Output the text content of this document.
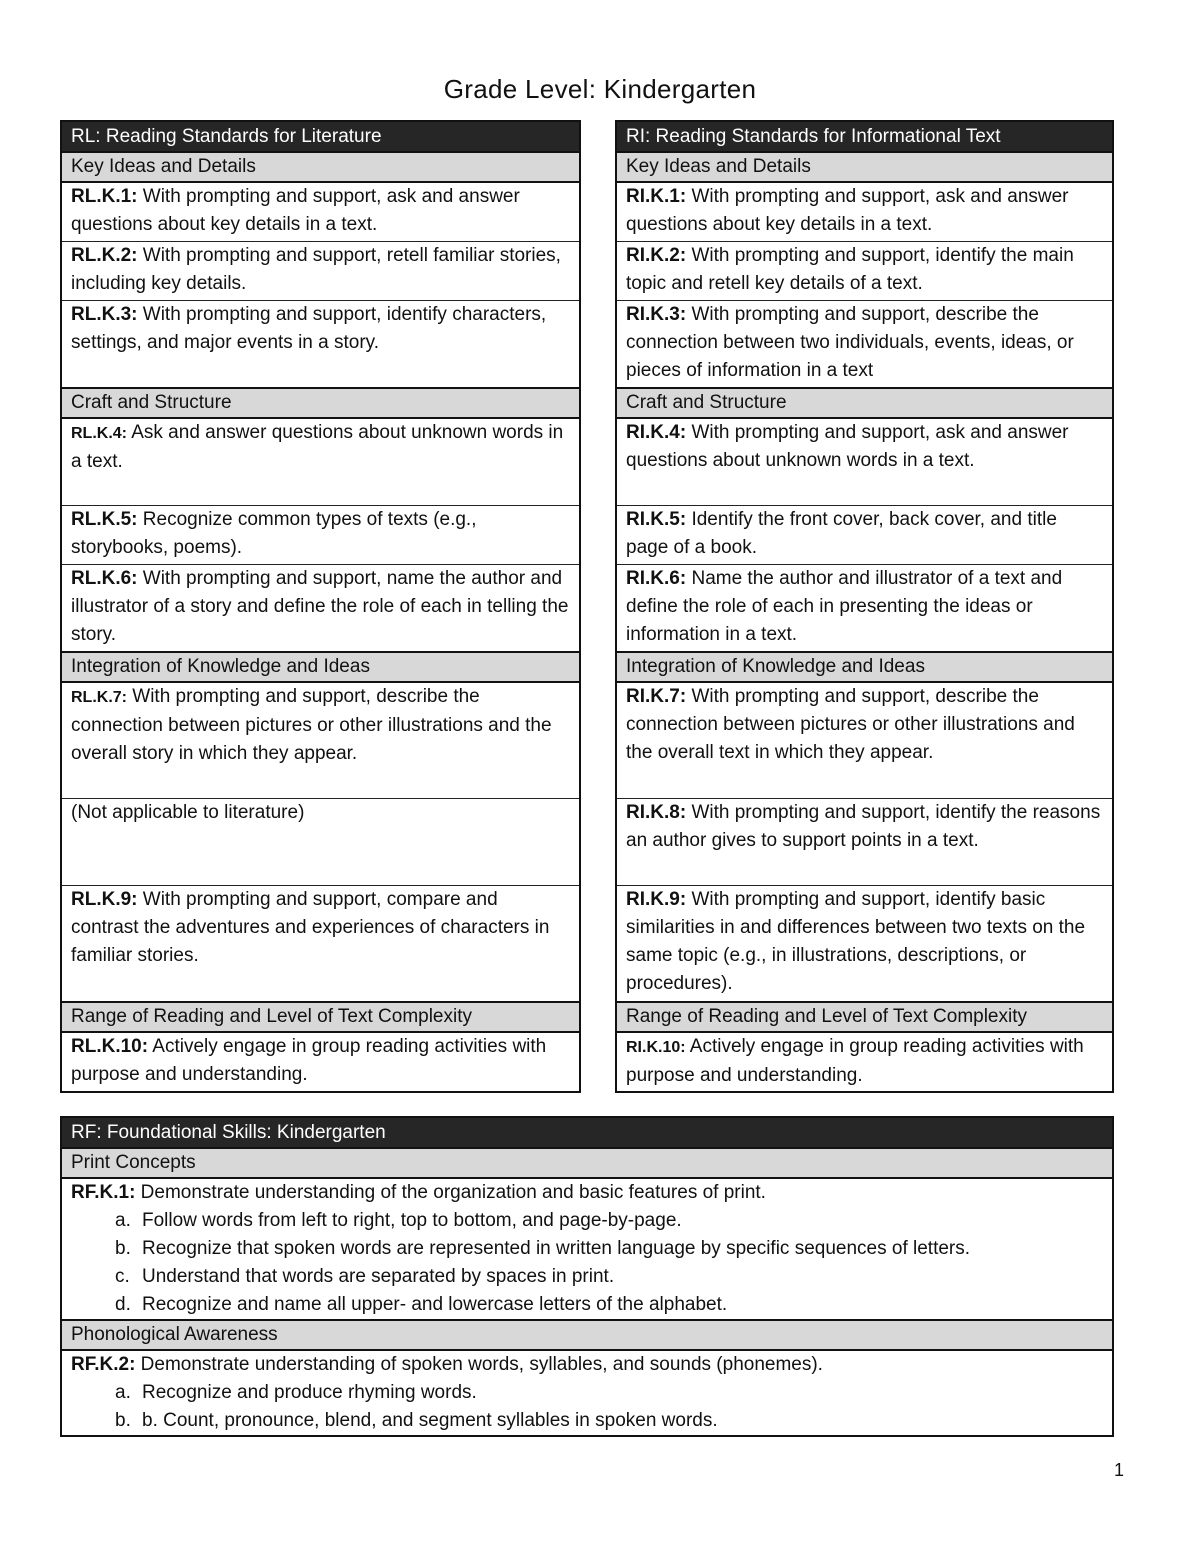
Grade Level: Kindergarten
RL: Reading Standards for Literature
Key Ideas and Details
RL.K.1: With prompting and support, ask and answer questions about key details in a text.
RL.K.2: With prompting and support, retell familiar stories, including key details.
RL.K.3: With prompting and support, identify characters, settings, and major events in a story.
Craft and Structure
RL.K.4: Ask and answer questions about unknown words in a text.
RL.K.5: Recognize common types of texts (e.g., storybooks, poems).
RL.K.6: With prompting and support, name the author and illustrator of a story and define the role of each in telling the story.
Integration of Knowledge and Ideas
RL.K.7: With prompting and support, describe the connection between pictures or other illustrations and the overall story in which they appear.
(Not applicable to literature)
RL.K.9: With prompting and support, compare and contrast the adventures and experiences of characters in familiar stories.
Range of Reading and Level of Text Complexity
RL.K.10: Actively engage in group reading activities with purpose and understanding.
RI: Reading Standards for Informational Text
Key Ideas and Details
RI.K.1: With prompting and support, ask and answer questions about key details in a text.
RI.K.2: With prompting and support, identify the main topic and retell key details of a text.
RI.K.3: With prompting and support, describe the connection between two individuals, events, ideas, or pieces of information in a text
Craft and Structure
RI.K.4: With prompting and support, ask and answer questions about unknown words in a text.
RI.K.5: Identify the front cover, back cover, and title page of a book.
RI.K.6: Name the author and illustrator of a text and define the role of each in presenting the ideas or information in a text.
Integration of Knowledge and Ideas
RI.K.7: With prompting and support, describe the connection between pictures or other illustrations and the overall text in which they appear.
RI.K.8: With prompting and support, identify the reasons an author gives to support points in a text.
RI.K.9: With prompting and support, identify basic similarities in and differences between two texts on the same topic (e.g., in illustrations, descriptions, or procedures).
Range of Reading and Level of Text Complexity
RI.K.10: Actively engage in group reading activities with purpose and understanding.
RF: Foundational Skills: Kindergarten
Print Concepts

RF.K.1: Demonstrate understanding of the organization and basic features of print.
a. Follow words from left to right, top to bottom, and page-by-page.
b. Recognize that spoken words are represented in written language by specific sequences of letters.
c. Understand that words are separated by spaces in print.
d. Recognize and name all upper- and lowercase letters of the alphabet.

Phonological Awareness

RF.K.2: Demonstrate understanding of spoken words, syllables, and sounds (phonemes).
a. Recognize and produce rhyming words.
b. b. Count, pronounce, blend, and segment syllables in spoken words.
1
